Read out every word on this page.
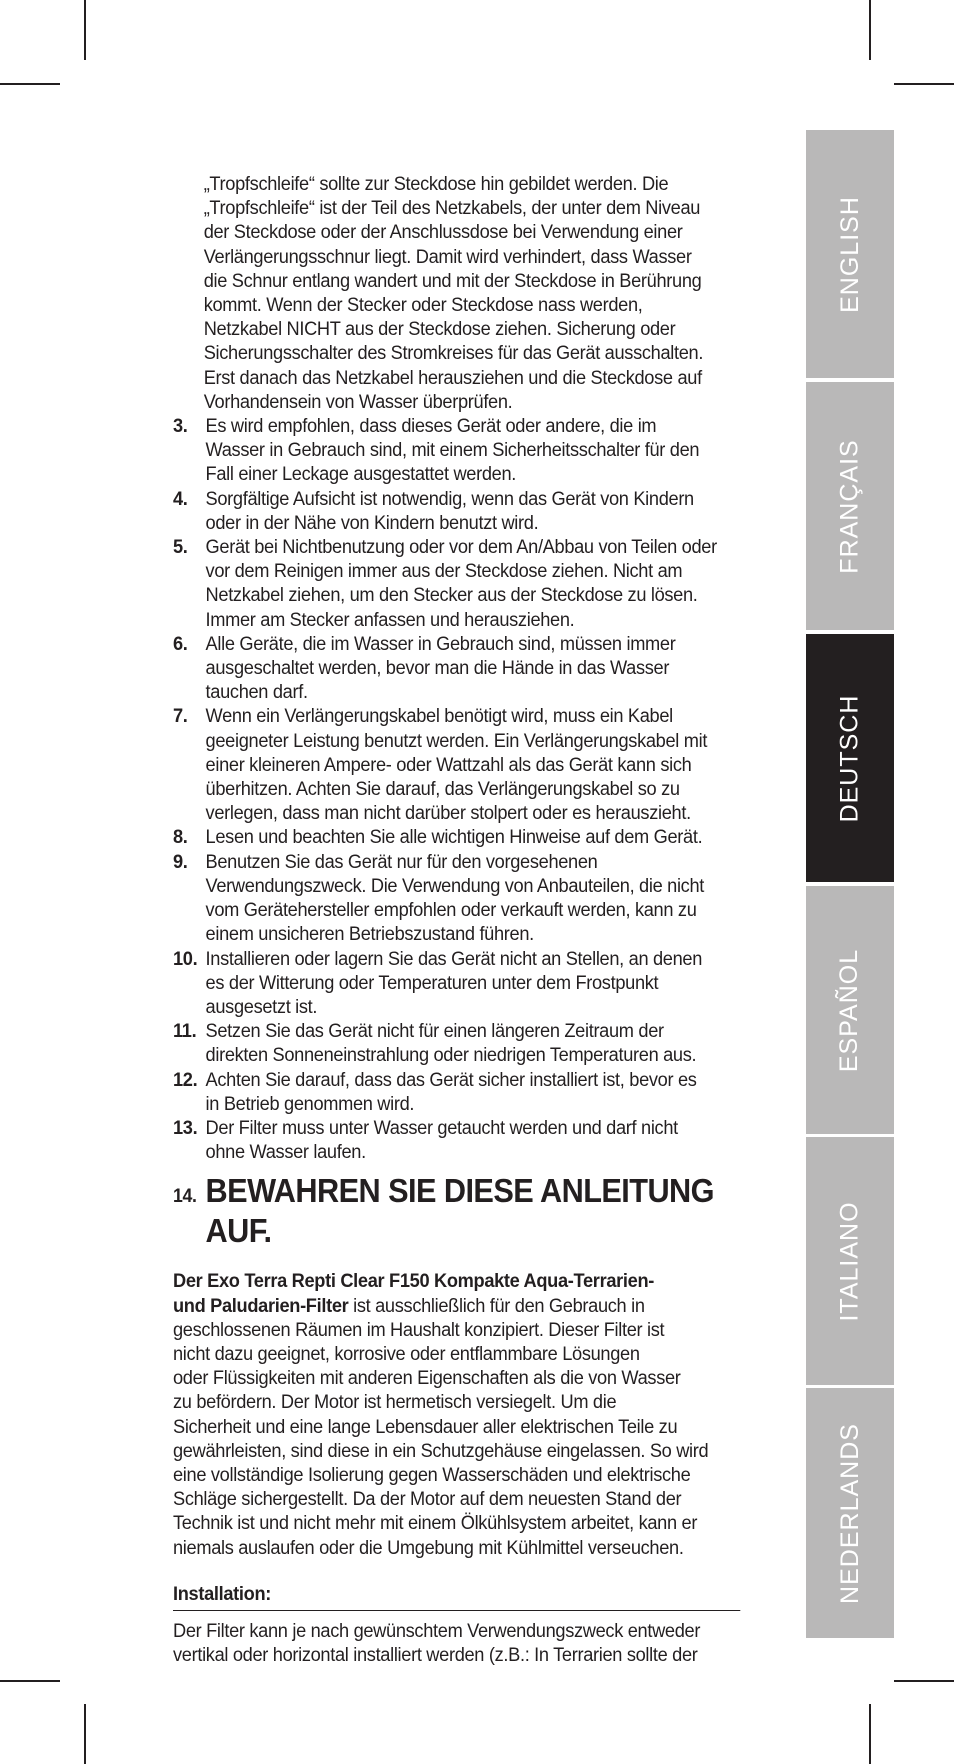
„Tropfschleife“ sollte zur Steckdose hin gebildet werden. Die
„Tropfschleife“ ist der Teil des Netzkabels, der unter dem Niveau
der Steckdose oder der Anschlussdose bei Verwendung einer
Verlängerungsschnur liegt. Damit wird verhindert, dass Wasser
die Schnur entlang wandert und mit der Steckdose in Berührung
kommt. Wenn der Stecker oder Steckdose nass werden,
Netzkabel NICHT aus der Steckdose ziehen. Sicherung oder
Sicherungsschalter des Stromkreises für das Gerät ausschalten.
Erst danach das Netzkabel herausziehen und die Steckdose auf
Vorhandensein von Wasser überprüfen.
3. Es wird empfohlen, dass dieses Gerät oder andere, die im
Wasser in Gebrauch sind, mit einem Sicherheitsschalter für den
Fall einer Leckage ausgestattet werden.
4. Sorgfältige Aufsicht ist notwendig, wenn das Gerät von Kindern
oder in der Nähe von Kindern benutzt wird.
5. Gerät bei Nichtbenutzung oder vor dem An/Abbau von Teilen oder
vor dem Reinigen immer aus der Steckdose ziehen. Nicht am
Netzkabel ziehen, um den Stecker aus der Steckdose zu lösen.
Immer am Stecker anfassen und herausziehen.
6. Alle Geräte, die im Wasser in Gebrauch sind, müssen immer
ausgeschaltet werden, bevor man die Hände in das Wasser
tauchen darf.
7. Wenn ein Verlängerungskabel benötigt wird, muss ein Kabel
geeigneter Leistung benutzt werden. Ein Verlängerungskabel mit
einer kleineren Ampere- oder Wattzahl als das Gerät kann sich
überhitzen. Achten Sie darauf, das Verlängerungskabel so zu
verlegen, dass man nicht darüber stolpert oder es herauszieht.
8. Lesen und beachten Sie alle wichtigen Hinweise auf dem Gerät.
9. Benutzen Sie das Gerät nur für den vorgesehenen
Verwendungszweck. Die Verwendung von Anbauteilen, die nicht
vom Gerätehersteller empfohlen oder verkauft werden, kann zu
einem unsicheren Betriebszustand führen.
10. Installieren oder lagern Sie das Gerät nicht an Stellen, an denen
es der Witterung oder Temperaturen unter dem Frostpunkt
ausgesetzt ist.
11. Setzen Sie das Gerät nicht für einen längeren Zeitraum der
direkten Sonneneinstrahlung oder niedrigen Temperaturen aus.
12. Achten Sie darauf, dass das Gerät sicher installiert ist, bevor es
in Betrieb genommen wird.
13. Der Filter muss unter Wasser getaucht werden und darf nicht
ohne Wasser laufen.
14. BEWAHREN SIE DIESE ANLEITUNG AUF.

Der Exo Terra Repti Clear F150 Kompakte Aqua-Terrarien-
und Paludarien-Filter ist ausschließlich für den Gebrauch in
geschlossenen Räumen im Haushalt konzipiert. Dieser Filter ist
nicht dazu geeignet, korrosive oder entflammbare Lösungen
oder Flüssigkeiten mit anderen Eigenschaften als die von Wasser
zu befördern. Der Motor ist hermetisch versiegelt. Um die
Sicherheit und eine lange Lebensdauer aller elektrischen Teile zu
gewährleisten, sind diese in ein Schutzgehäuse eingelassen. So wird
eine vollständige Isolierung gegen Wasserschäden und elektrische
Schläge sichergestellt. Da der Motor auf dem neuesten Stand der
Technik ist und nicht mehr mit einem Ölkühlsystem arbeitet, kann er
niemals auslaufen oder die Umgebung mit Kühlmittel verseuchen.

Installation:

Der Filter kann je nach gewünschtem Verwendungszweck entweder
vertikal oder horizontal installiert werden (z.B.: In Terrarien sollte der

ENGLISH
FRANÇAIS
DEUTSCH
ESPAÑOL
ITALIANO
NEDERLANDS
